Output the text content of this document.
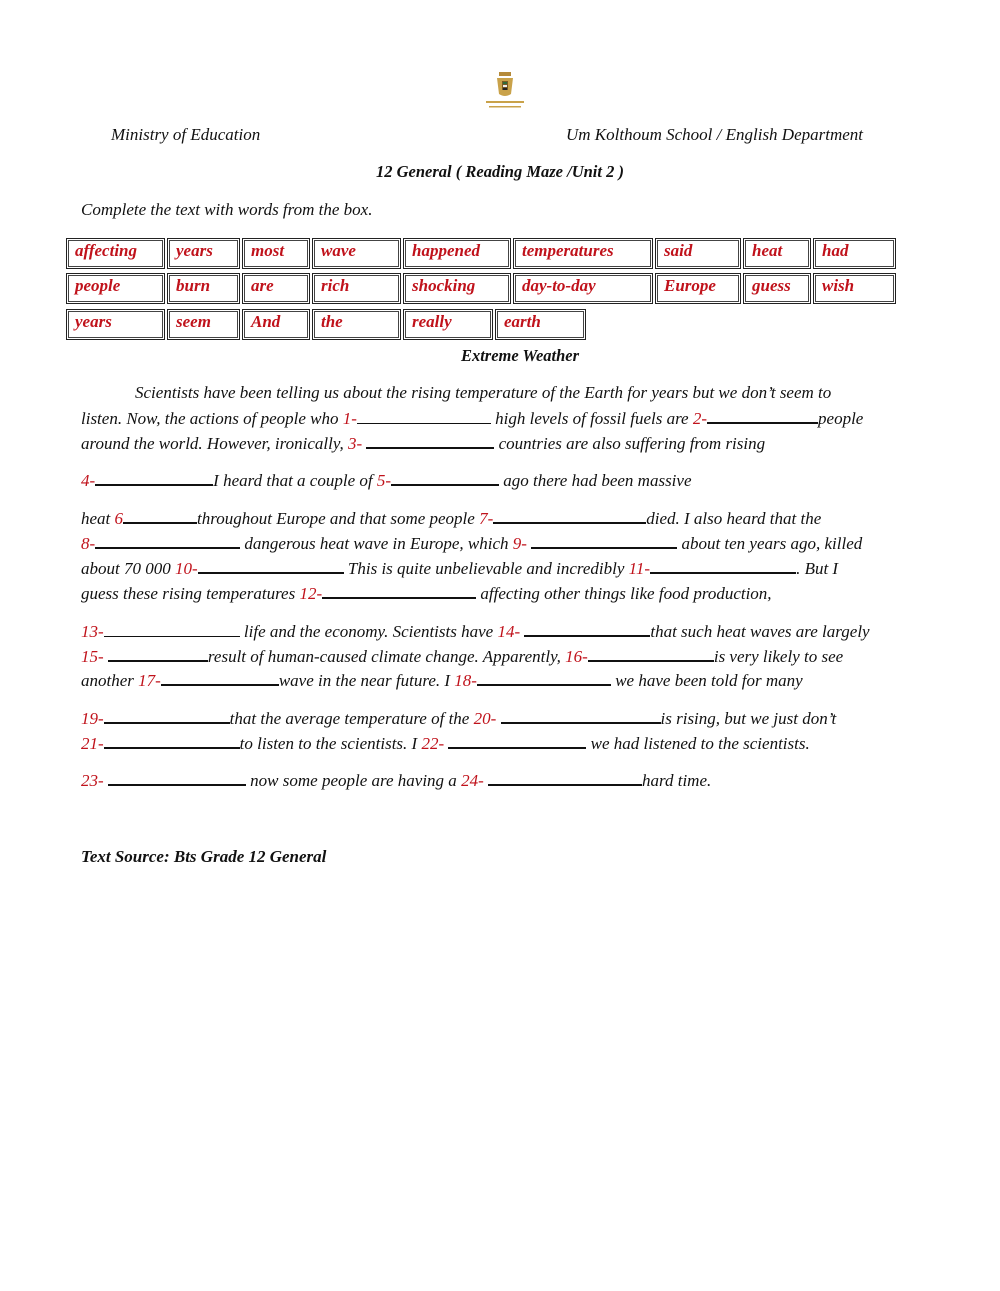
Ministry of Education	Um Kolthoum School / English Department
12 General ( Reading Maze /Unit 2 )
Complete the text with words from the box.
affecting	years	most	wave	happened	temperatures	said	heat	had
people	burn	are	rich	shocking	day-to-day	Europe	guess	wish
years	seem	And	the	really	earth
Extreme Weather
Scientists have been telling us about the rising temperature of the Earth for years but we don’t seem to
listen. Now, the actions of people who 1-	high levels of fossil fuels are 2-	people
around the world. However, ironically, 3-	countries are also suffering from rising
4-	I heard that a couple of 5-	ago there had been massive
heat 6	throughout Europe and that some people 7-	died. I also heard that the
8-	dangerous heat wave in Europe, which 9-	about ten years ago, killed
about 70 000 10-	This is quite unbelievable and incredibly 11-	. But I
guess these rising temperatures 12-	affecting other things like food production,
13-	life and the economy. Scientists have 14-	that such heat waves are largely
15-	result of human-caused climate change. Apparently, 16-	is very likely to see
another 17-	wave in the near future. I 18-	we have been told for many
19-	that the average temperature of the 20-	is rising, but we just don’t
21-	to listen to the scientists. I 22-	we had listened to the scientists.
23-	now some people are having a 24-	hard time.
Text Source: Bts Grade 12 General
